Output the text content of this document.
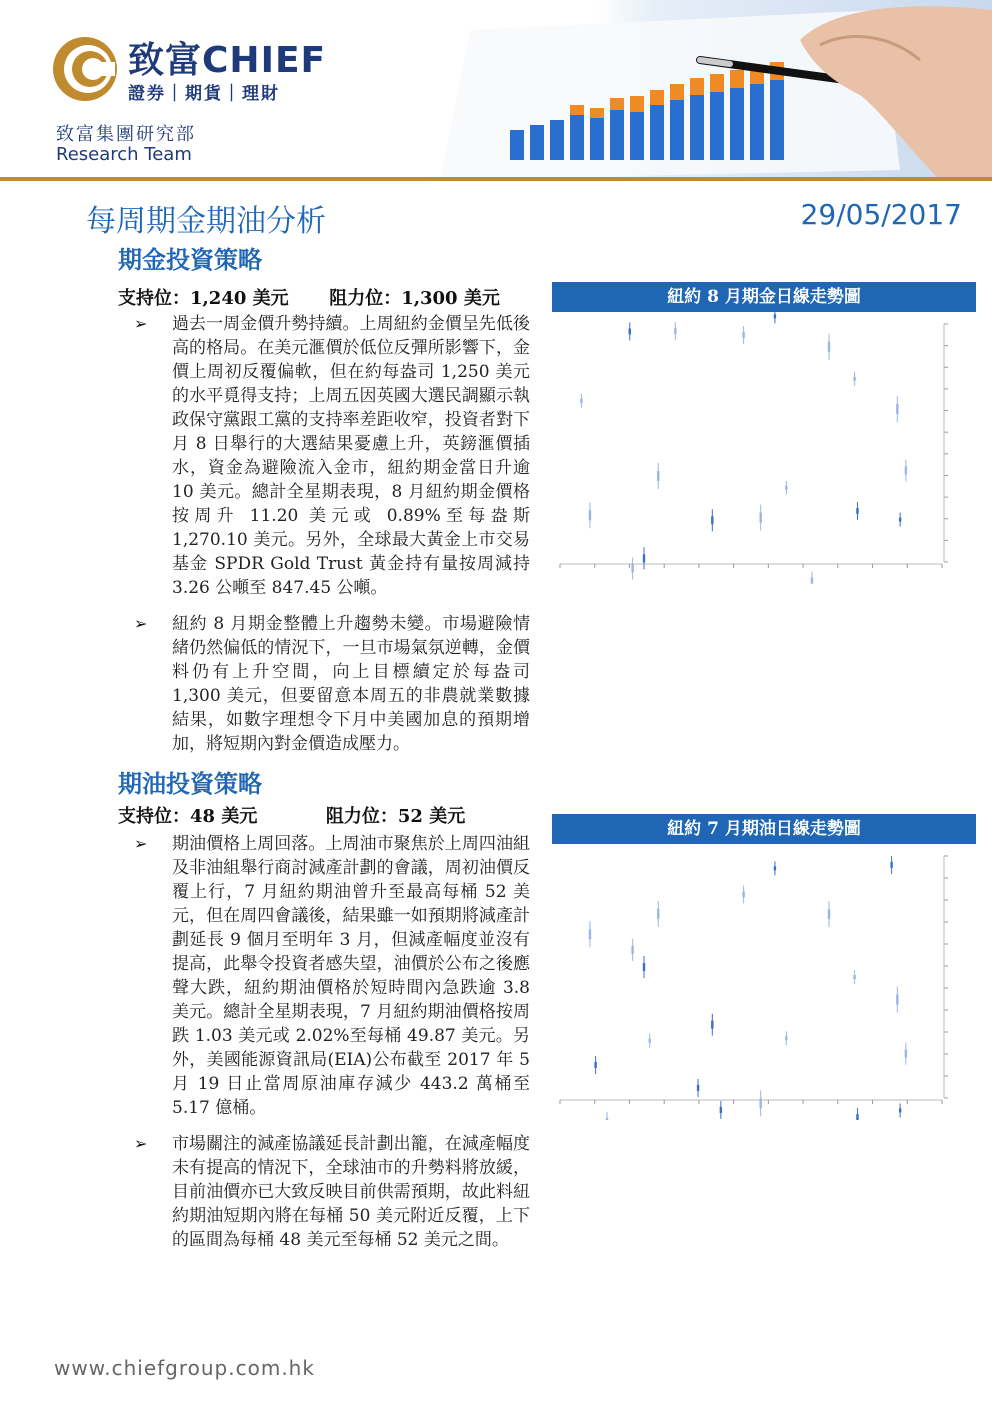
致富CHIEF
證券｜期貨｜理財
致富集團研究部
Research Team
每周期金期油分析	29/05/2017
期金投資策略
支持位：1,240 美元 阻力位：1,300 美元
➢ 過去一周金價升勢持續。上周紐約金價呈先低後高的格局。在美元滙價於低位反彈所影響下，金價上周初反覆偏軟，但在約每盎司 1,250 美元的水平覓得支持；上周五因英國大選民調顯示執政保守黨跟工黨的支持率差距收窄，投資者對下月 8 日舉行的大選結果憂慮上升，英鎊滙價插水，資金為避險流入金市，紐約期金當日升逾 10 美元。總計全星期表現，8 月紐約期金價格按周升 11.20 美元或 0.89%至每盎斯 1,270.10 美元。另外，全球最大黃金上市交易基金 SPDR Gold Trust 黃金持有量按周減持 3.26 公噸至 847.45 公噸。
➢ 紐約 8 月期金整體上升趨勢未變。市場避險情緒仍然偏低的情況下，一旦市場氣氛逆轉，金價料仍有上升空間，向上目標續定於每盎司 1,300 美元，但要留意本周五的非農就業數據結果，如數字理想令下月中美國加息的預期增加，將短期內對金價造成壓力。
紐約 8 月期金日線走勢圖
期油投資策略
支持位：48 美元	阻力位：52 美元
➢ 期油價格上周回落。上周油市聚焦於上周四油組及非油組舉行商討減產計劃的會議，周初油價反覆上行，7 月紐約期油曾升至最高每桶 52 美元，但在周四會議後，結果雖一如預期將減產計劃延長 9 個月至明年 3 月，但減產幅度並沒有提高，此舉令投資者感失望，油價於公布之後應聲大跌，紐約期油價格於短時間內急跌逾 3.8 美元。總計全星期表現，7 月紐約期油價格按周跌 1.03 美元或 2.02%至每桶 49.87 美元。另外，美國能源資訊局(EIA)公布截至 2017 年 5 月 19 日止當周原油庫存減少 443.2 萬桶至 5.17 億桶。
➢ 市場關注的減產協議延長計劃出籠，在減產幅度未有提高的情況下，全球油市的升勢料將放緩，目前油價亦已大致反映目前供需預期，故此料紐約期油短期內將在每桶 50 美元附近反覆，上下的區間為每桶 48 美元至每桶 52 美元之間。
紐約 7 月期油日線走勢圖
www.chiefgroup.com.hk
